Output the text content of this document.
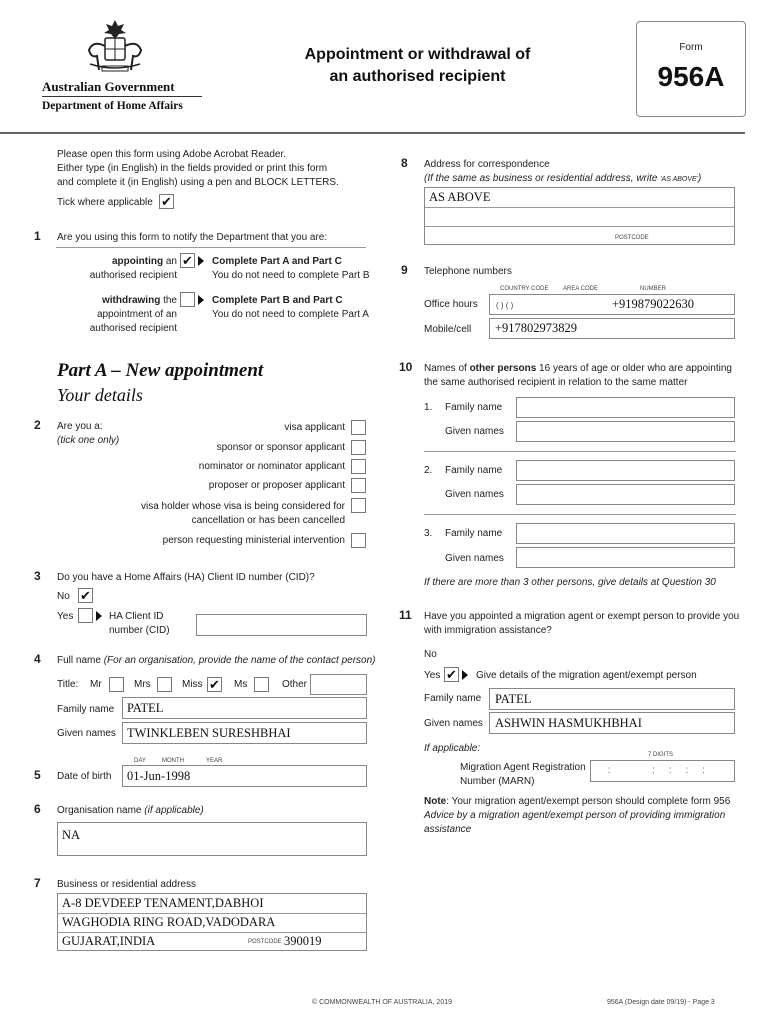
Australian Government
Department of Home Affairs
Appointment or withdrawal of
an authorised recipient
Form
956A
Please open this form using Adobe Acrobat Reader.
Either type (in English) in the fields provided or print this form
and complete it (in English) using a pen and BLOCK LETTERS.
Tick where applicable ✔
1 Are you using this form to notify the Department that you are:
appointing an
authorised recipient
✔ Complete Part A and Part C
You do not need to complete Part B
withdrawing the
appointment of an
authorised recipient
Complete Part B and Part C
You do not need to complete Part A
Part A – New appointment
Your details
2 Are you a:
(tick one only)
visa applicant
sponsor or sponsor applicant
nominator or nominator applicant
proposer or proposer applicant
visa holder whose visa is being considered for
cancellation or has been cancelled
person requesting ministerial intervention
3 Do you have a Home Affairs (HA) Client ID number (CID)?
No ✔
Yes	HA Client ID
number (CID)
4 Full name (For an organisation, provide the name of the contact person)
Title: Mr	Mrs	Miss ✔ Ms	Other
Family name PATEL
Given names TWINKLEBEN SURESHBHAI
DAY	MONTH	YEAR
5 Date of birth 01-Jun-1998
6 Organisation name (if applicable)
NA
7 Business or residential address
A-8 DEVDEEP TENAMENT,DABHOI
WAGHODIA RING ROAD,VADODARA
GUJARAT,INDIA	POSTCODE 390019
8 Address for correspondence
(If the same as business or residential address, write 'AS ABOVE')
AS ABOVE
POSTCODE
9 Telephone numbers
COUNTRY CODE AREA CODE	NUMBER
Office hours ( ) ( )	+919879022630
Mobile/cell +917802973829
10 Names of other persons 16 years of age or older who are appointing
the same authorised recipient in relation to the same matter
1. Family name
Given names
2. Family name
Given names
3. Family name
Given names
If there are more than 3 other persons, give details at Question 30
11 Have you appointed a migration agent or exempt person to provide you
with immigration assistance?
No
Yes ✔ Give details of the migration agent/exempt person
Family name PATEL
Given names ASHWIN HASMUKHBHAI
If applicable:
7 DIGITS
Migration Agent Registration
Number (MARN)
:               :     :     :     :
Note: Your migration agent/exempt person should complete form 956
Advice by a migration agent/exempt person of providing immigration
assistance
© COMMONWEALTH OF AUSTRALIA, 2019	956A (Design date 09/19) - Page 3
